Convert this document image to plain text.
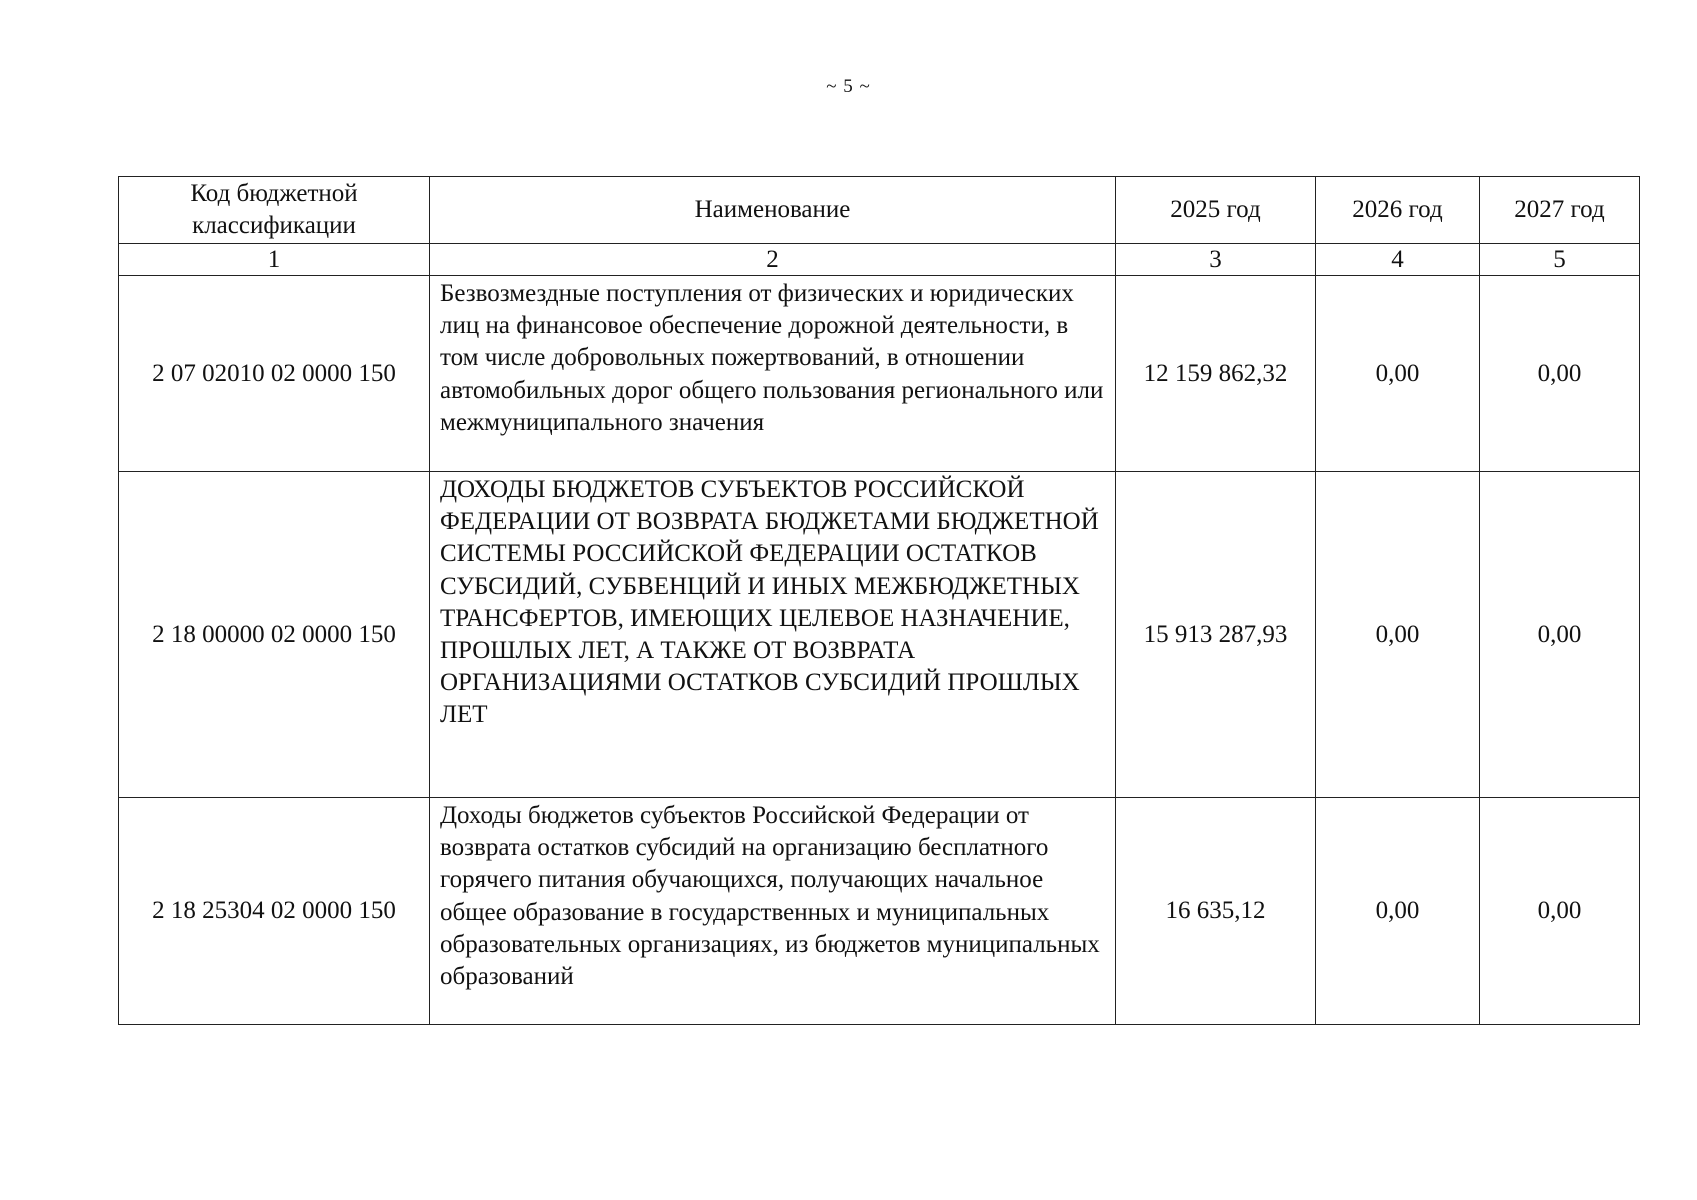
~ 5 ~
Код бюджетной классификации	Наименование	2025 год	2026 год	2027 год
1	2	3	4	5
2 07 02010 02 0000 150	Безвозмездные поступления от физических и юридических лиц на финансовое обеспечение дорожной деятельности, в том числе добровольных пожертвований, в отношении автомобильных дорог общего пользования регионального или межмуниципального значения	12 159 862,32	0,00	0,00
2 18 00000 02 0000 150	ДОХОДЫ БЮДЖЕТОВ СУБЪЕКТОВ РОССИЙСКОЙ ФЕДЕРАЦИИ ОТ ВОЗВРАТА БЮДЖЕТАМИ БЮДЖЕТНОЙ СИСТЕМЫ РОССИЙСКОЙ ФЕДЕРАЦИИ ОСТАТКОВ СУБСИДИЙ, СУБВЕНЦИЙ И ИНЫХ МЕЖБЮДЖЕТНЫХ ТРАНСФЕРТОВ, ИМЕЮЩИХ ЦЕЛЕВОЕ НАЗНАЧЕНИЕ, ПРОШЛЫХ ЛЕТ, А ТАКЖЕ ОТ ВОЗВРАТА ОРГАНИЗАЦИЯМИ ОСТАТКОВ СУБСИДИЙ ПРОШЛЫХ ЛЕТ	15 913 287,93	0,00	0,00
2 18 25304 02 0000 150	Доходы бюджетов субъектов Российской Федерации от возврата остатков субсидий на организацию бесплатного горячего питания обучающихся, получающих начальное общее образование в государственных и муниципальных образовательных организациях, из бюджетов муниципальных образований	16 635,12	0,00	0,00
